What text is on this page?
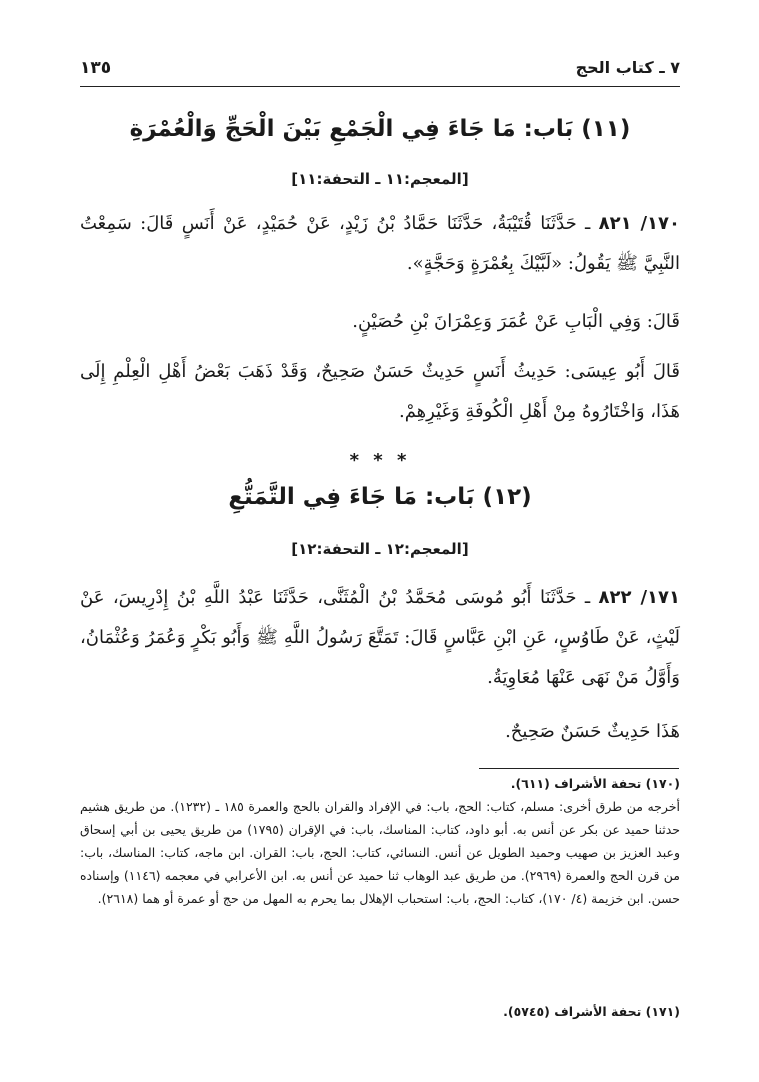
٧ ـ كتاب الحج
١٣٥
(١١) بَاب: مَا جَاءَ فِي الْجَمْعِ بَيْنَ الْحَجِّ وَالْعُمْرَةِ
[المعجم:١١ ـ التحفة:١١]
١٧٠/ ٨٢١ ـ حَدَّثَنَا قُتَيْبَةُ، حَدَّثَنَا حَمَّادُ بْنُ زَيْدٍ، عَنْ حُمَيْدٍ، عَنْ أَنَسٍ قَالَ: سَمِعْتُ النَّبِيَّ ﷺ يَقُولُ: «لَبَّيْكَ بِعُمْرَةٍ وَحَجَّةٍ».
قَالَ: وَفِي الْبَابِ عَنْ عُمَرَ وَعِمْرَانَ بْنِ حُصَيْنٍ.
قَالَ أَبُو عِيسَى: حَدِيثُ أَنَسٍ حَدِيثٌ حَسَنٌ صَحِيحٌ، وَقَدْ ذَهَبَ بَعْضُ أَهْلِ الْعِلْمِ إِلَى هَذَا، وَاخْتَارُوهُ مِنْ أَهْلِ الْكُوفَةِ وَغَيْرِهِمْ.
* * *
(١٢) بَاب: مَا جَاءَ فِي التَّمَتُّعِ
[المعجم:١٢ ـ التحفة:١٢]
١٧١/ ٨٢٢ ـ حَدَّثَنَا أَبُو مُوسَى مُحَمَّدُ بْنُ الْمُثَنَّى، حَدَّثَنَا عَبْدُ اللَّهِ بْنُ إِدْرِيسَ، عَنْ لَيْثٍ، عَنْ طَاوُسٍ، عَنِ ابْنِ عَبَّاسٍ قَالَ: تَمَتَّعَ رَسُولُ اللَّهِ ﷺ وَأَبُو بَكْرٍ وَعُمَرُ وَعُثْمَانُ، وَأَوَّلُ مَنْ نَهَى عَنْهَا مُعَاوِيَةُ.
هَذَا حَدِيثٌ حَسَنٌ صَحِيحٌ.
(١٧٠) تحفة الأشراف (٦١١).
أخرجه من طرق أخرى: مسلم، كتاب: الحج، باب: في الإفراد والقران بالحج والعمرة ١٨٥ ـ (١٢٣٢). من طريق هشيم حدثنا حميد عن بكر عن أنس به. أبو داود، كتاب: المناسك، باب: في الإقران (١٧٩٥) من طريق يحيى بن أبي إسحاق وعبد العزيز بن صهيب وحميد الطويل عن أنس. النسائي، كتاب: الحج، باب: القران. ابن ماجه، كتاب: المناسك، باب: من قرن الحج والعمرة (٢٩٦٩). من طريق عبد الوهاب ثنا حميد عن أنس به. ابن الأعرابي في معجمه (١١٤٦) وإسناده حسن. ابن خزيمة (٤/ ١٧٠)، كتاب: الحج، باب: استحباب الإهلال بما يحرم به المهل من حج أو عمرة أو هما (٢٦١٨).
(١٧١) تحفة الأشراف (٥٧٤٥).
